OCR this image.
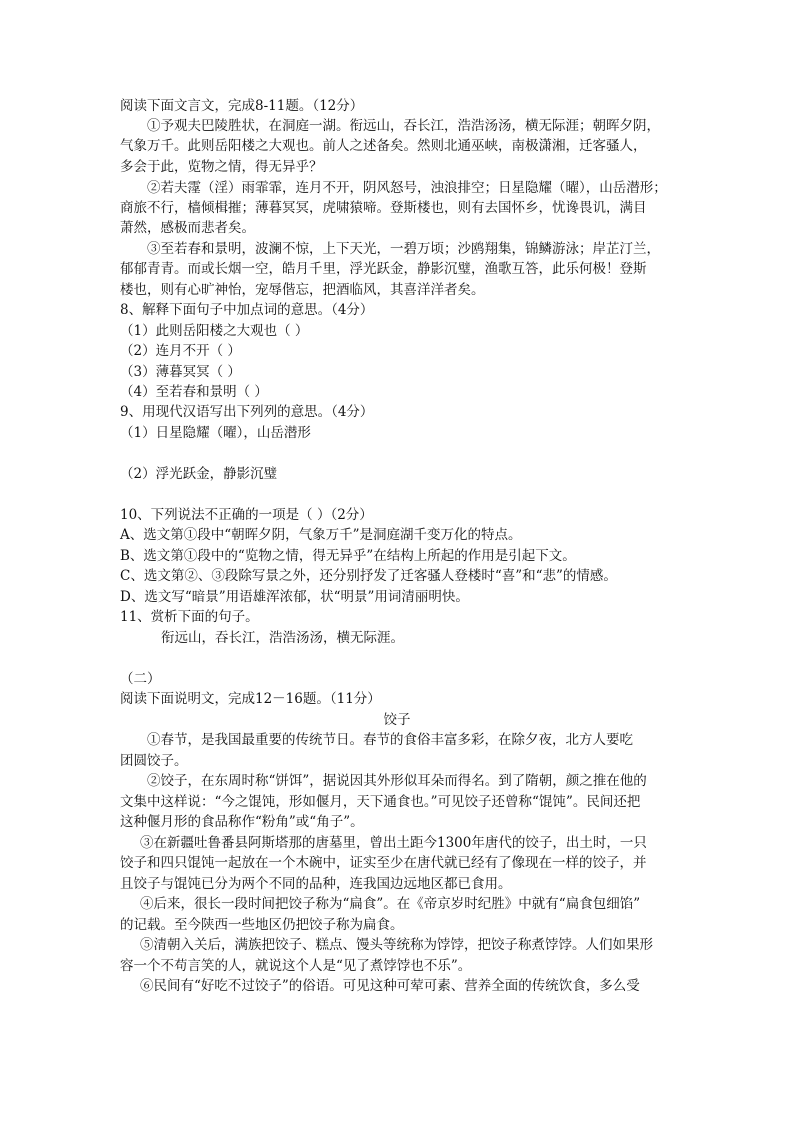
阅读下面文言文，完成8-11题。（12分）
①予观夫巴陵胜状，在洞庭一湖。衔远山，吞长江，浩浩汤汤，横无际涯；朝晖夕阴，
气象万千。此则岳阳楼之大观也。前人之述备矣。然则北通巫峡，南极潇湘，迁客骚人，
多会于此，览物之情，得无异乎？
②若夫霪（淫）雨霏霏，连月不开，阴风怒号，浊浪排空；日星隐耀（曜），山岳潜形；
商旅不行，樯倾楫摧；薄暮冥冥，虎啸猿啼。登斯楼也，则有去国怀乡，忧谗畏讥，满目
萧然，感极而悲者矣。
③至若春和景明，波澜不惊，上下天光，一碧万顷；沙鸥翔集，锦鳞游泳；岸芷汀兰，
郁郁青青。而或长烟一空，皓月千里，浮光跃金，静影沉璧，渔歌互答，此乐何极！登斯
楼也，则有心旷神怡，宠辱偕忘，把酒临风，其喜洋洋者矣。
8、解释下面句子中加点词的意思。（4分）
（1）此则岳阳楼之大观也（ ）
（2）连月不开（ ）
（3）薄暮冥冥（ ）
（4）至若春和景明（ ）
9、用现代汉语写出下列列的意思。（4分）
（1）日星隐耀（曜），山岳潜形
（2）浮光跃金，静影沉璧
10、下列说法不正确的一项是（ ）（2分）
A、选文第①段中“朝晖夕阴，气象万千”是洞庭湖千变万化的特点。
B、选文第①段中的“览物之情，得无异乎”在结构上所起的作用是引起下文。
C、选文第②、③段除写景之外，还分别抒发了迁客骚人登楼时“喜”和“悲”的情感。
D、选文写“暗景”用语雄浑浓郁，状“明景”用词清丽明快。
11、赏析下面的句子。
衔远山，吞长江，浩浩汤汤，横无际涯。
（二）
阅读下面说明文，完成12－16题。（11分）
饺子
①春节，是我国最重要的传统节日。春节的食俗丰富多彩，在除夕夜，北方人要吃
团圆饺子。
②饺子，在东周时称“饼饵”，据说因其外形似耳朵而得名。到了隋朝，颜之推在他的
文集中这样说：“今之馄饨，形如偃月，天下通食也。”可见饺子还曾称“馄饨”。民间还把
这种偃月形的食品称作“粉角”或“角子”。
③在新疆吐鲁番县阿斯塔那的唐墓里，曾出土距今1300年唐代的饺子，出土时，一只
饺子和四只馄饨一起放在一个木碗中，证实至少在唐代就已经有了像现在一样的饺子，并
且饺子与馄饨已分为两个不同的品种，连我国边远地区都已食用。
④后来，很长一段时间把饺子称为“扁食”。在《帝京岁时纪胜》中就有“扁食包细馅”
的记载。至今陕西一些地区仍把饺子称为扁食。
⑤清朝入关后，满族把饺子、糕点、馒头等统称为饽饽，把饺子称煮饽饽。人们如果形
容一个不苟言笑的人，就说这个人是“见了煮饽饽也不乐”。
⑥民间有“好吃不过饺子”的俗语。可见这种可荤可素、营养全面的传统饮食，多么受
